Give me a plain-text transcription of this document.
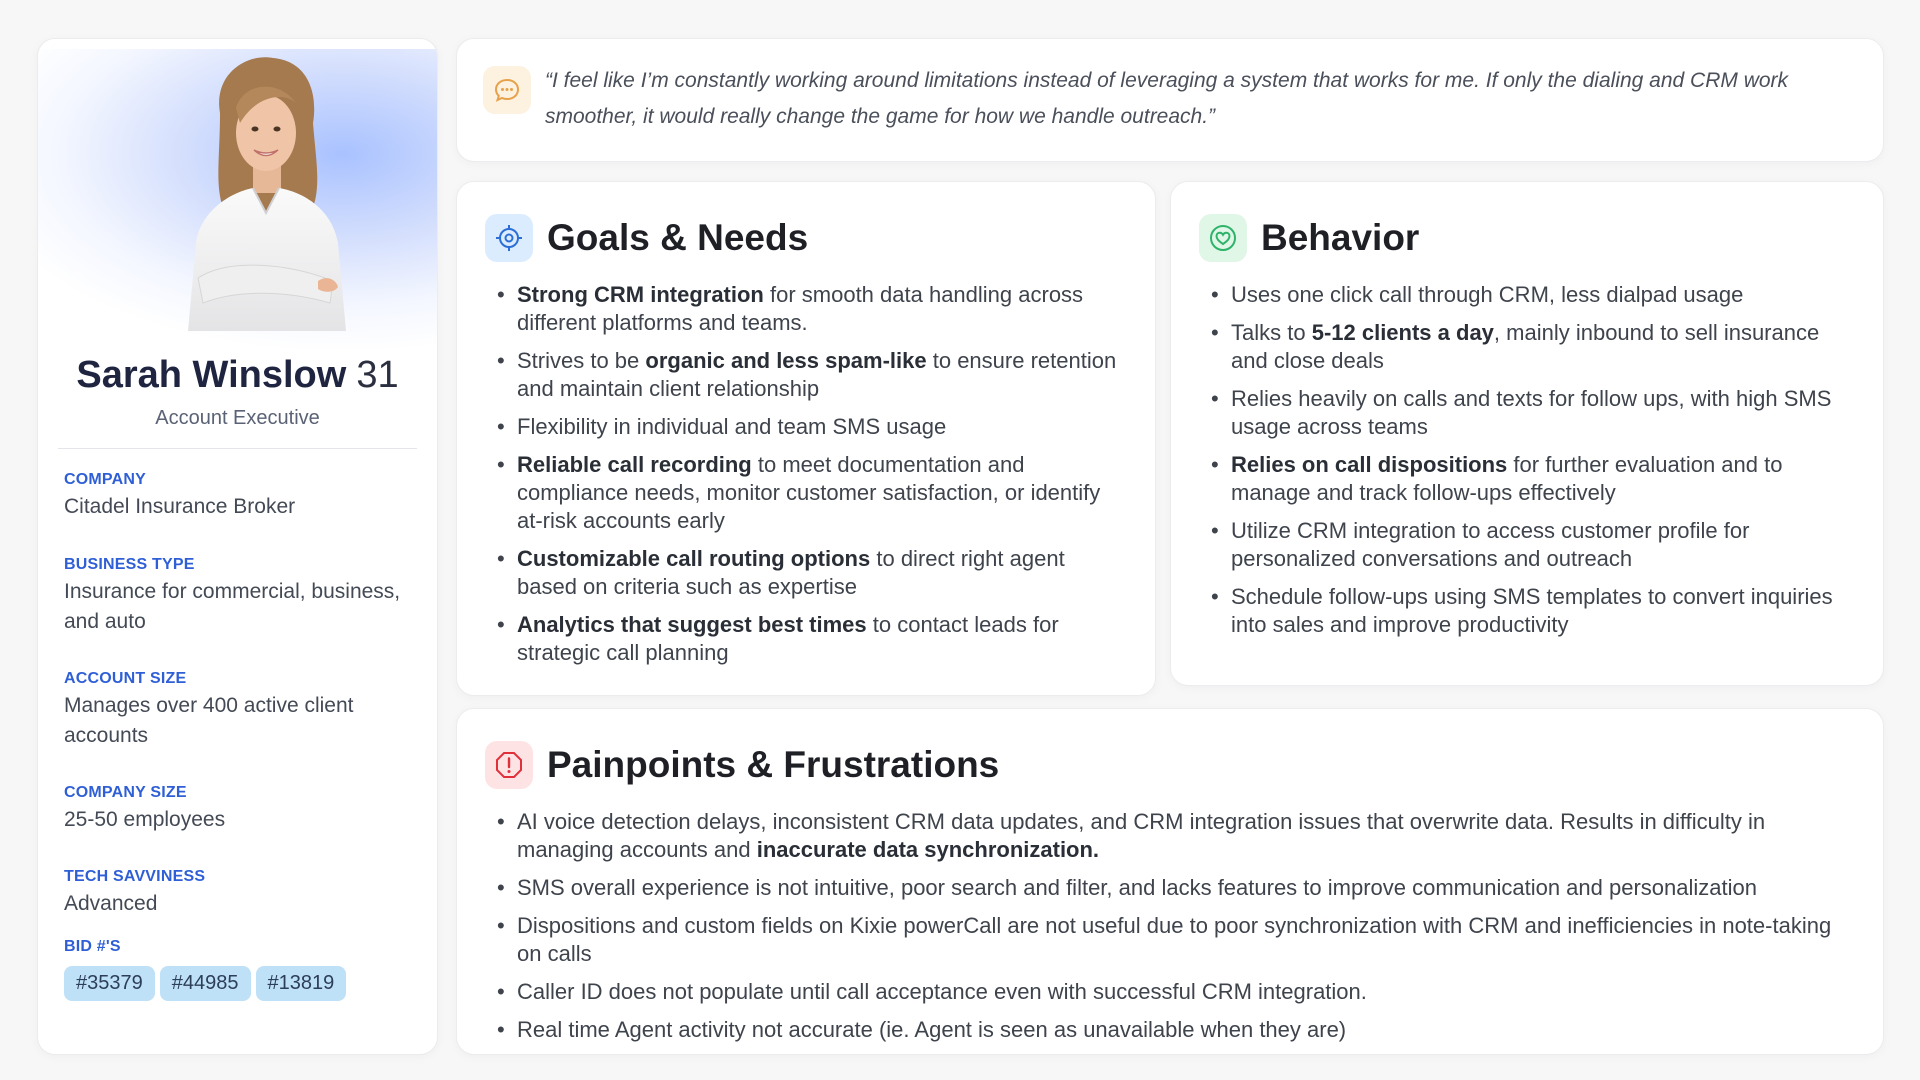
Sarah Winslow 31
Account Executive
COMPANY
Citadel Insurance Broker
BUSINESS TYPE
Insurance for commercial, business, and auto
ACCOUNT SIZE
Manages over 400 active client accounts
COMPANY SIZE
25-50 employees
TECH SAVVINESS
Advanced
BID #'S
#35379	#44985	#13819
“I feel like I’m constantly working around limitations instead of leveraging a system that works for me. If only the dialing and CRM work smoother, it would really change the game for how we handle outreach.”
Goals & Needs
• Strong CRM integration for smooth data handling across different platforms and teams.
• Strives to be organic and less spam-like to ensure retention and maintain client relationship
• Flexibility in individual and team SMS usage
• Reliable call recording to meet documentation and compliance needs, monitor customer satisfaction, or identify at-risk accounts early
• Customizable call routing options to direct right agent based on criteria such as expertise
• Analytics that suggest best times to contact leads for strategic call planning
Behavior
• Uses one click call through CRM, less dialpad usage
• Talks to 5-12 clients a day, mainly inbound to sell insurance and close deals
• Relies heavily on calls and texts for follow ups, with high SMS usage across teams
• Relies on call dispositions for further evaluation and to manage and track follow-ups effectively
• Utilize CRM integration to access customer profile for personalized conversations and outreach
• Schedule follow-ups using SMS templates to convert inquiries into sales and improve productivity
Painpoints & Frustrations
• AI voice detection delays, inconsistent CRM data updates, and CRM integration issues that overwrite data. Results in difficulty in managing accounts and inaccurate data synchronization.
• SMS overall experience is not intuitive, poor search and filter, and lacks features to improve communication and personalization
• Dispositions and custom fields on Kixie powerCall are not useful due to poor synchronization with CRM and inefficiencies in note-taking on calls
• Caller ID does not populate until call acceptance even with successful CRM integration.
• Real time Agent activity not accurate (ie. Agent is seen as unavailable when they are)
